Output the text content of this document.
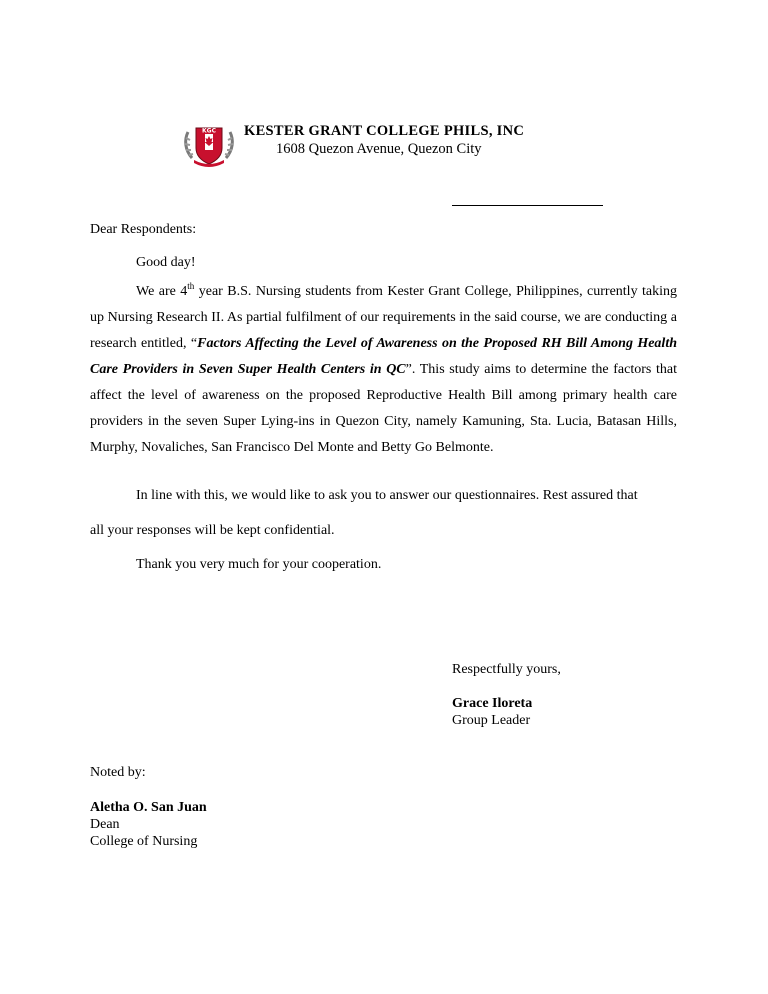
KGC KESTER GRANT COLLEGE PHILS, INC
1608 Quezon Avenue, Quezon City
Dear Respondents:
Good day!

We are 4th year B.S. Nursing students from Kester Grant College, Philippines, currently taking up Nursing Research II. As partial fulfilment of our requirements in the said course, we are conducting a research entitled, “Factors Affecting the Level of Awareness on the Proposed RH Bill Among Health Care Providers in Seven Super Health Centers in QC”. This study aims to determine the factors that affect the level of awareness on the proposed Reproductive Health Bill among primary health care providers in the seven Super Lying-ins in Quezon City, namely Kamuning, Sta. Lucia, Batasan Hills, Murphy, Novaliches, San Francisco Del Monte and Betty Go Belmonte.

In line with this, we would like to ask you to answer our questionnaires. Rest assured that
all your responses will be kept confidential.
Thank you very much for your cooperation.
Respectfully yours,
Grace Iloreta
Group Leader
Noted by:
Aletha O. San Juan
Dean
College of Nursing
